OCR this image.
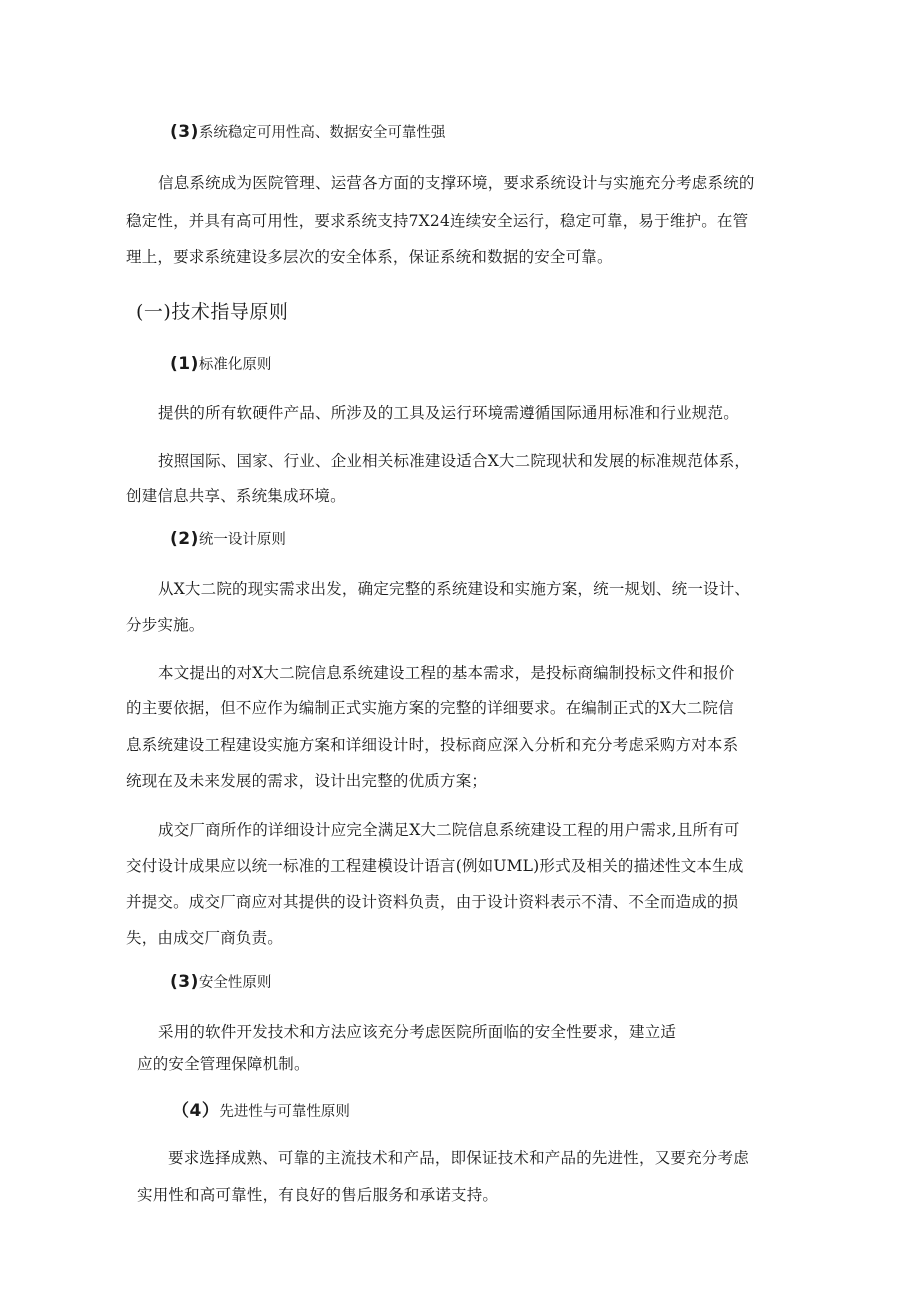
(3)系统稳定可用性高、数据安全可靠性强
信息系统成为医院管理、运营各方面的支撑环境，要求系统设计与实施充分考虑系统的
稳定性，并具有高可用性，要求系统支持7X24连续安全运行，稳定可靠，易于维护。在管
理上，要求系统建设多层次的安全体系，保证系统和数据的安全可靠。
(一)技术指导原则
(1)标准化原则
提供的所有软硬件产品、所涉及的工具及运行环境需遵循国际通用标准和行业规范。
按照国际、国家、行业、企业相关标准建设适合X大二院现状和发展的标准规范体系，
创建信息共享、系统集成环境。
(2)统一设计原则
从X大二院的现实需求出发，确定完整的系统建设和实施方案，统一规划、统一设计、
分步实施。
本文提出的对X大二院信息系统建设工程的基本需求，是投标商编制投标文件和报价
的主要依据，但不应作为编制正式实施方案的完整的详细要求。在编制正式的X大二院信
息系统建设工程建设实施方案和详细设计时，投标商应深入分析和充分考虑采购方对本系
统现在及未来发展的需求，设计出完整的优质方案；
成交厂商所作的详细设计应完全满足X大二院信息系统建设工程的用户需求,且所有可
交付设计成果应以统一标准的工程建模设计语言(例如UML)形式及相关的描述性文本生成
并提交。成交厂商应对其提供的设计资料负责，由于设计资料表示不清、不全而造成的损
失，由成交厂商负责。
(3)安全性原则
采用的软件开发技术和方法应该充分考虑医院所面临的安全性要求，建立适
应的安全管理保障机制。
（4）先进性与可靠性原则
要求选择成熟、可靠的主流技术和产品，即保证技术和产品的先进性，又要充分考虑
实用性和高可靠性，有良好的售后服务和承诺支持。
